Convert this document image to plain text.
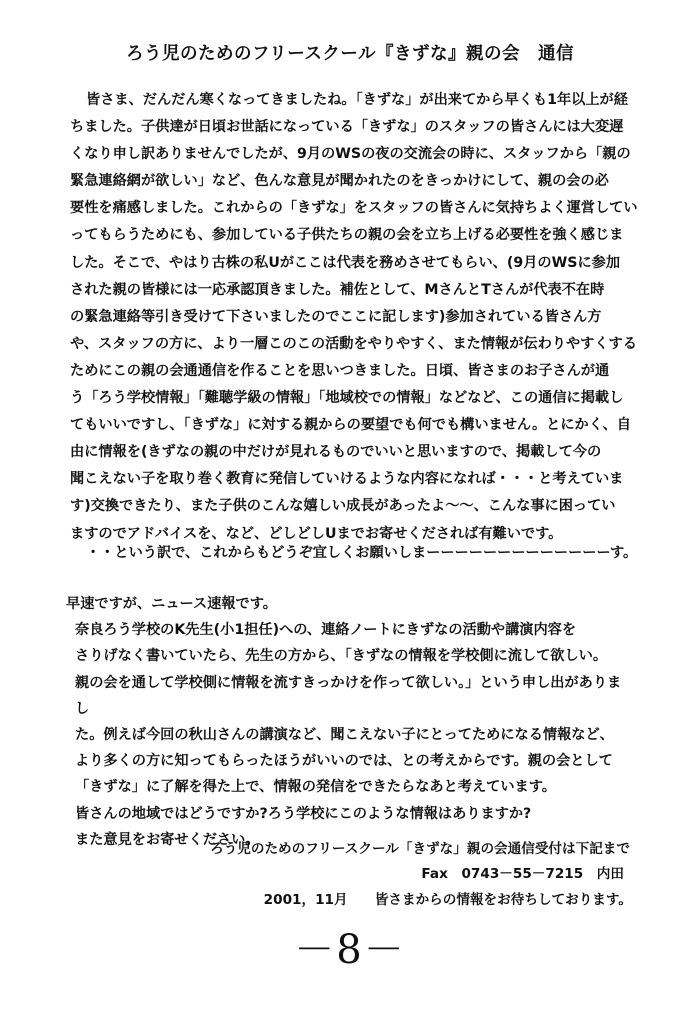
ろう児のためのフリースクール『きずな』親の会　通信
皆さま、だんだん寒くなってきましたね。「きずな」が出来てから早くも1年以上が経
ちました。子供達が日頃お世話になっている「きずな」のスタッフの皆さんには大変遅
くなり申し訳ありませんでしたが、9月のWSの夜の交流会の時に、スタッフから「親の
緊急連絡網が欲しい」など、色んな意見が聞かれたのをきっかけにして、親の会の必
要性を痛感しました。これからの「きずな」をスタッフの皆さんに気持ちよく運営してい
ってもらうためにも、参加している子供たちの親の会を立ち上げる必要性を強く感じま
した。そこで、やはり古株の私Uがここは代表を務めさせてもらい、(9月のWSに参加
された親の皆様には一応承認頂きました。補佐として、MさんとTさんが代表不在時
の緊急連絡等引き受けて下さいましたのでここに記します)参加されている皆さん方
や、スタッフの方に、より一層このこの活動をやりやすく、また情報が伝わりやすくする
ためにこの親の会通通信を作ることを思いつきました。日頃、皆さまのお子さんが通
う「ろう学校情報」「難聴学級の情報」「地域校での情報」などなど、この通信に掲載し
てもいいですし、「きずな」に対する親からの要望でも何でも構いません。とにかく、自
由に情報を(きずなの親の中だけが見れるものでいいと思いますので、掲載して今の
聞こえない子を取り巻く教育に発信していけるような内容になれば・・・と考えていま
す)交換できたり、また子供のこんな嬉しい成長があったよ～～、こんな事に困ってい
ますのでアドバイスを、など、どしどしUまでお寄せくだされば有難いです。
・・という訳で、これからもどうぞ宜しくお願いしまーーーーーーーーーーーーーす。
早速ですが、ニュース速報です。
奈良ろう学校のK先生(小1担任)への、連絡ノートにきずなの活動や講演内容を
さりげなく書いていたら、先生の方から、「きずなの情報を学校側に流して欲しい。
親の会を通して学校側に情報を流すきっかけを作って欲しい。」という申し出がありま
し
た。例えば今回の秋山さんの講演など、聞こえない子にとってためになる情報など、
より多くの方に知ってもらったほうがいいのでは、との考えからです。親の会として
「きずな」に了解を得た上で、情報の発信をできたらなあと考えています。
皆さんの地域ではどうですか?ろう学校にこのような情報はありますか?
また意見をお寄せください。
ろう児のためのフリースクール「きずな」親の会通信受付は下記まで
Fax　0743－55－7215　内田
2001，11月　　皆さまからの情報をお待ちしております。
－8－
